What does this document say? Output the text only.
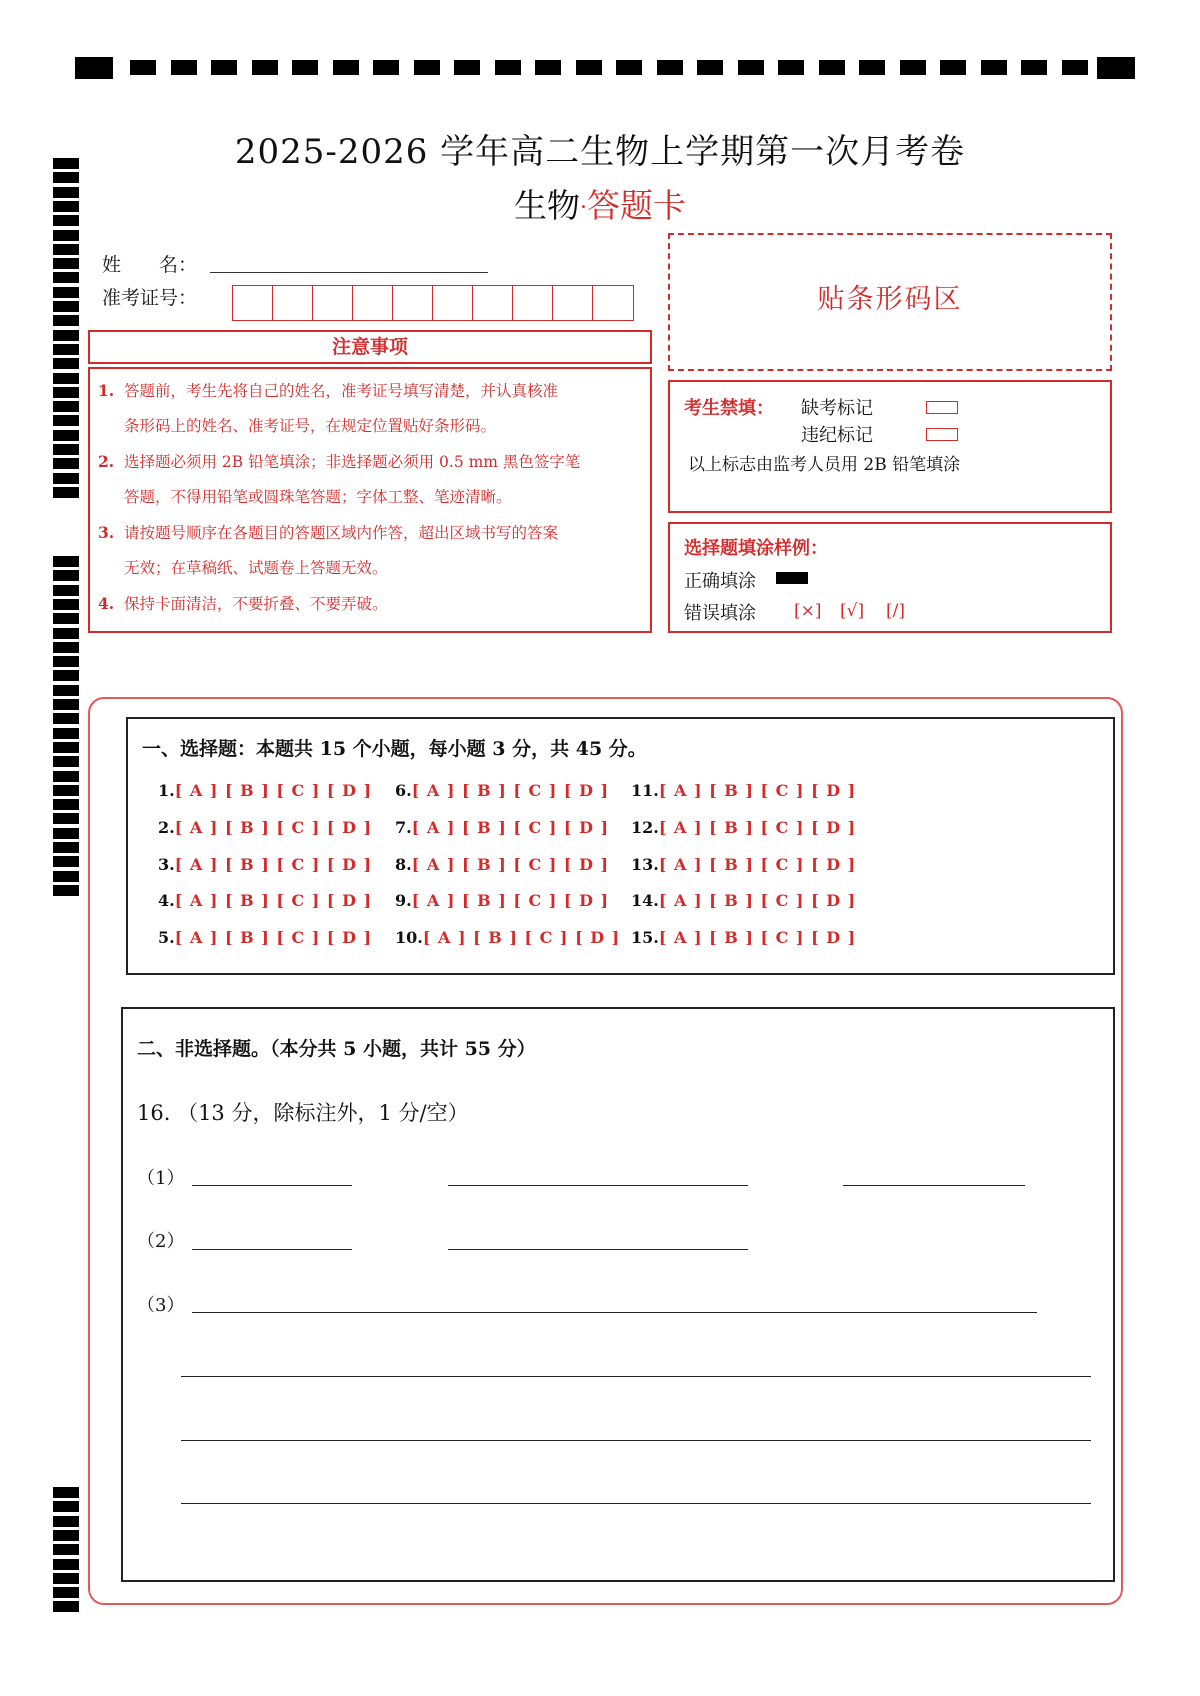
2025-2026 学年高二生物上学期第一次月考卷
生物·答题卡
姓　　名：
准考证号：
注意事项
1. 答题前，考生先将自己的姓名，准考证号填写清楚，并认真核准
条形码上的姓名、准考证号，在规定位置贴好条形码。
2. 选择题必须用 2B 铅笔填涂；非选择题必须用 0.5 mm 黑色签字笔
答题，不得用铅笔或圆珠笔答题；字体工整、笔迹清晰。
3. 请按题号顺序在各题目的答题区域内作答，超出区域书写的答案
无效；在草稿纸、试题卷上答题无效。
4. 保持卡面清洁，不要折叠、不要弄破。
贴条形码区
考生禁填： 缺考标记
违纪标记
以上标志由监考人员用 2B 铅笔填涂
选择题填涂样例：
正确填涂
错误填涂 [×] [√] [/]
一、选择题：本题共 15 个小题，每小题 3 分，共 45 分。
1.[ A ] [ B ] [ C ] [ D ]
2.[ A ] [ B ] [ C ] [ D ]
3.[ A ] [ B ] [ C ] [ D ]
4.[ A ] [ B ] [ C ] [ D ]
5.[ A ] [ B ] [ C ] [ D ]
6.[ A ] [ B ] [ C ] [ D ]
7.[ A ] [ B ] [ C ] [ D ]
8.[ A ] [ B ] [ C ] [ D ]
9.[ A ] [ B ] [ C ] [ D ]
10.[ A ] [ B ] [ C ] [ D ]
11.[ A ] [ B ] [ C ] [ D ]
12.[ A ] [ B ] [ C ] [ D ]
13.[ A ] [ B ] [ C ] [ D ]
14.[ A ] [ B ] [ C ] [ D ]
15.[ A ] [ B ] [ C ] [ D ]
二、非选择题。（本分共 5 小题，共计 55 分）
16. （13 分，除标注外，1 分/空）
（1）
（2）
（3）
